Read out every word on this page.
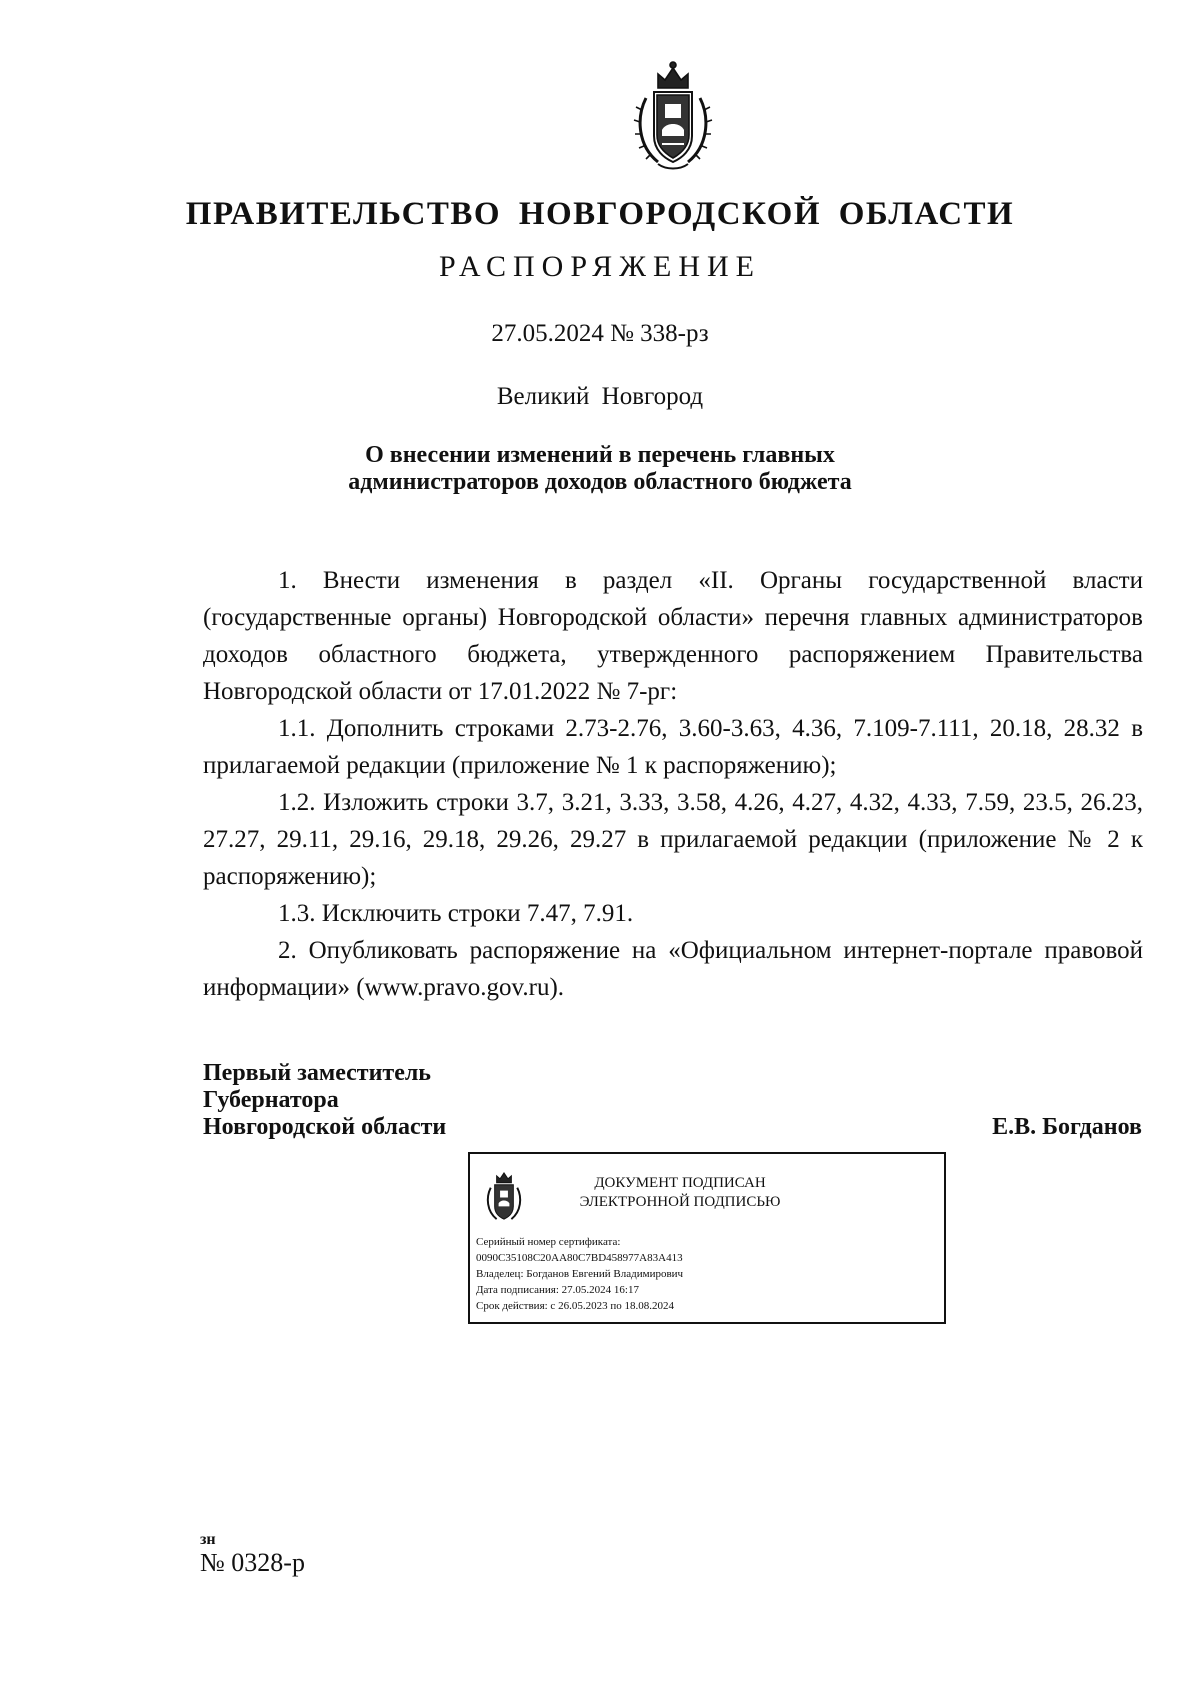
ПРАВИТЕЛЬСТВО НОВГОРОДСКОЙ ОБЛАСТИ
РАСПОРЯЖЕНИЕ
27.05.2024 № 338-рз
Великий Новгород
О внесении изменений в перечень главных
администраторов доходов областного бюджета

1. Внести изменения в раздел «II. Органы государственной власти (государственные органы) Новгородской области» перечня главных администраторов доходов областного бюджета, утвержденного распоряжением Правительства Новгородской области от 17.01.2022 № 7-рг:

1.1. Дополнить строками 2.73-2.76, 3.60-3.63, 4.36, 7.109-7.111, 20.18, 28.32 в прилагаемой редакции (приложение № 1 к распоряжению);

1.2. Изложить строки 3.7, 3.21, 3.33, 3.58, 4.26, 4.27, 4.32, 4.33, 7.59, 23.5, 26.23, 27.27, 29.11, 29.16, 29.18, 29.26, 29.27 в прилагаемой редакции (приложение № 2 к распоряжению);

1.3. Исключить строки 7.47, 7.91.

2. Опубликовать распоряжение на «Официальном интернет-портале правовой информации» (www.pravo.gov.ru).

Первый заместитель
Губернатора
Новгородской области	Е.В. Богданов
ДОКУМЕНТ ПОДПИСАН
ЭЛЕКТРОННОЙ ПОДПИСЬЮ
Серийный номер сертификата:
0090C35108C20AA80C7BD458977A83A413
Владелец: Богданов Евгений Владимирович
Дата подписания: 27.05.2024 16:17
Срок действия: с 26.05.2023 по 18.08.2024
зн
№ 0328-р
